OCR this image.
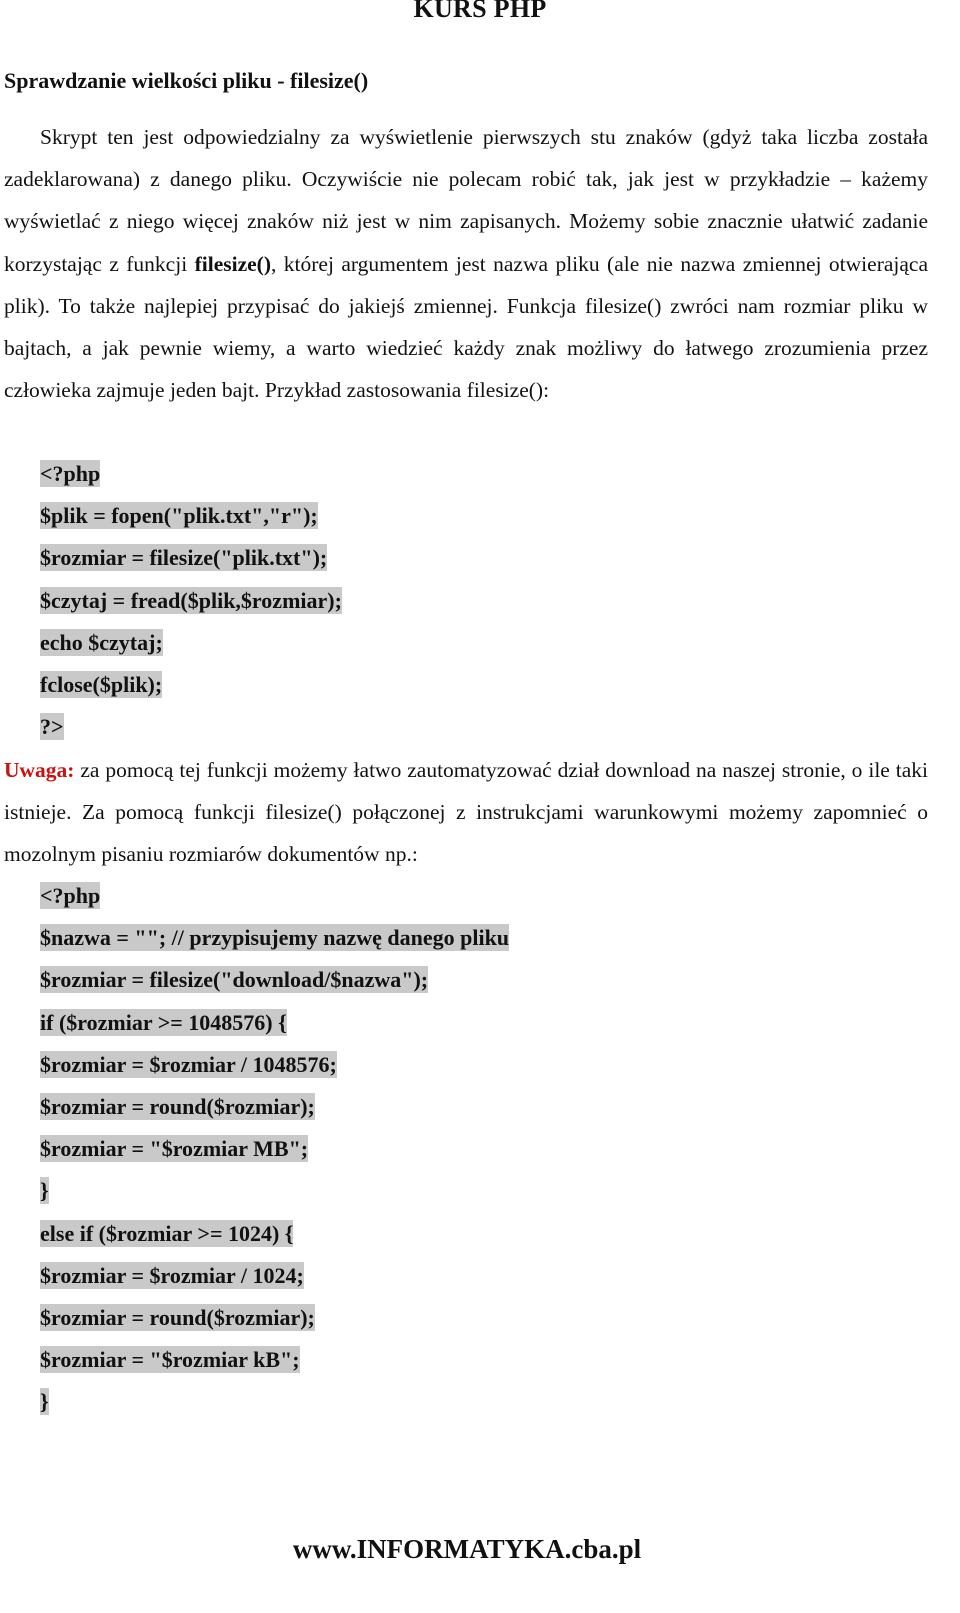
KURS PHP
Sprawdzanie wielkości pliku - filesize()
Skrypt ten jest odpowiedzialny za wyświetlenie pierwszych stu znaków (gdyż taka liczba została zadeklarowana) z danego pliku. Oczywiście nie polecam robić tak, jak jest w przykładzie – każemy wyświetlać z niego więcej znaków niż jest w nim zapisanych. Możemy sobie znacznie ułatwić zadanie korzystając z funkcji filesize(), której argumentem jest nazwa pliku (ale nie nazwa zmiennej otwierająca plik). To także najlepiej przypisać do jakiejś zmiennej. Funkcja filesize() zwróci nam rozmiar pliku w bajtach, a jak pewnie wiemy, a warto wiedzieć każdy znak możliwy do łatwego zrozumienia przez człowieka zajmuje jeden bajt. Przykład zastosowania filesize():
<?php
$plik = fopen("plik.txt","r");
$rozmiar = filesize("plik.txt");
$czytaj = fread($plik,$rozmiar);
echo $czytaj;
fclose($plik);
?>
Uwaga: za pomocą tej funkcji możemy łatwo zautomatyzować dział download na naszej stronie, o ile taki istnieje. Za pomocą funkcji filesize() połączonej z instrukcjami warunkowymi możemy zapomnieć o mozolnym pisaniu rozmiarów dokumentów np.:
<?php
$nazwa = ""; // przypisujemy nazwę danego pliku
$rozmiar = filesize("download/$nazwa");
if ($rozmiar >= 1048576) {
$rozmiar = $rozmiar / 1048576;
$rozmiar = round($rozmiar);
$rozmiar = "$rozmiar MB";
}
else if ($rozmiar >= 1024) {
$rozmiar = $rozmiar / 1024;
$rozmiar = round($rozmiar);
$rozmiar = "$rozmiar kB";
}
www.INFORMATYKA.cba.pl
